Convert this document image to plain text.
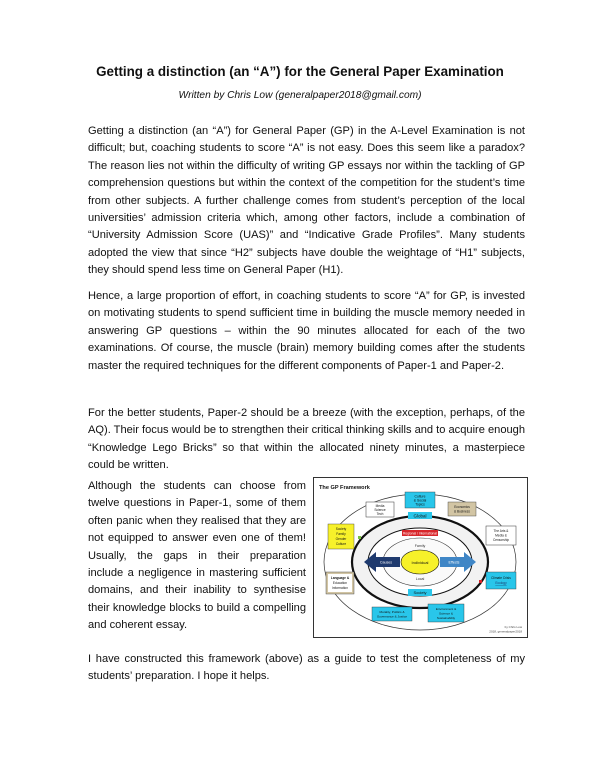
Getting a distinction (an “A”) for the General Paper Examination
Written by Chris Low (generalpaper2018@gmail.com)

Getting a distinction (an “A”) for General Paper (GP) in the A-Level Examination is not difficult; but, coaching students to score “A” is not easy. Does this seem like a paradox? The reason lies not within the difficulty of writing GP essays nor within the tackling of GP comprehension questions but within the context of the competition for the student’s time from other subjects. A further challenge comes from student’s perception of the local universities’ admission criteria which, among other factors, include a combination of “University Admission Score (UAS)” and “Indicative Grade Profiles”. Many students adopted the view that since “H2” subjects have double the weightage of “H1” subjects, they should spend less time on General Paper (H1).

Hence, a large proportion of effort, in coaching students to score “A” for GP, is invested on motivating students to spend sufficient time in building the muscle memory needed in answering GP questions – within the 90 minutes allocated for each of the two examinations. Of course, the muscle (brain) memory building comes after the students master the required techniques for the different components of Paper-1 and Paper-2.

For the better students, Paper-2 should be a breeze (with the exception, perhaps, of the AQ). Their focus would be to strengthen their critical thinking skills and to acquire enough “Knowledge Lego Bricks” so that within the allocated ninety minutes, a masterpiece could be written.

Although the students can choose from twelve questions in Paper-1, some of them often panic when they realised that they are not equipped to answer even one of them! Usually, the gaps in their preparation include a negligence in mastering sufficient domains, and their inability to synthesise their knowledge blocks to build a compelling and coherent essay.

I have constructed this framework (above) as a guide to test the completeness of my students’ preparation. I hope it helps.

The GP Framework
Global
Regional / International
Family
Individual
Local
Society
Causes	Effects
Culture
& Social
Topics
Media
Science
Tech
Economics
& Business
Society
Family
Gender
Culture
The Arts &
Media &
Censorship
Language &
Education
Information
Climate Crisis
Ecology
Morality, Politics &
Governance & Justice
Environment &
Science &
Sustainability
by Chris Low
2018, generalpaper2018
